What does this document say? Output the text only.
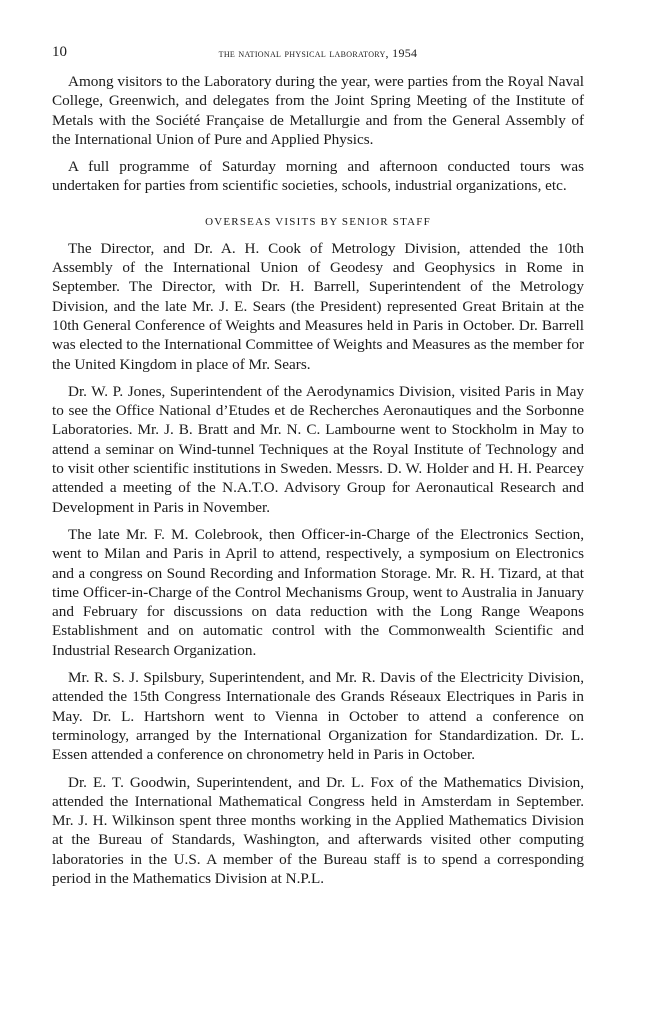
10	the national physical laboratory, 1954

Among visitors to the Laboratory during the year, were parties from the Royal Naval College, Greenwich, and delegates from the Joint Spring Meeting of the Institute of Metals with the Société Française de Metallurgie and from the General Assembly of the International Union of Pure and Applied Physics.

A full programme of Saturday morning and afternoon conducted tours was undertaken for parties from scientific societies, schools, industrial organizations, etc.

OVERSEAS VISITS BY SENIOR STAFF

The Director, and Dr. A. H. Cook of Metrology Division, attended the 10th Assembly of the International Union of Geodesy and Geophysics in Rome in September. The Director, with Dr. H. Barrell, Superintendent of the Metrology Division, and the late Mr. J. E. Sears (the President) represented Great Britain at the 10th General Conference of Weights and Measures held in Paris in October. Dr. Barrell was elected to the International Committee of Weights and Measures as the member for the United Kingdom in place of Mr. Sears.

Dr. W. P. Jones, Superintendent of the Aerodynamics Division, visited Paris in May to see the Office National d’Etudes et de Recherches Aeronautiques and the Sorbonne Laboratories. Mr. J. B. Bratt and Mr. N. C. Lambourne went to Stockholm in May to attend a seminar on Wind-tunnel Techniques at the Royal Institute of Technology and to visit other scientific institutions in Sweden. Messrs. D. W. Holder and H. H. Pearcey attended a meeting of the N.A.T.O. Advisory Group for Aeronautical Research and Development in Paris in November.

The late Mr. F. M. Colebrook, then Officer-in-Charge of the Electronics Section, went to Milan and Paris in April to attend, respectively, a symposium on Electronics and a congress on Sound Recording and Information Storage. Mr. R. H. Tizard, at that time Officer-in-Charge of the Control Mechanisms Group, went to Australia in January and February for discussions on data reduction with the Long Range Weapons Establishment and on automatic control with the Commonwealth Scientific and Industrial Research Organization.

Mr. R. S. J. Spilsbury, Superintendent, and Mr. R. Davis of the Electricity Division, attended the 15th Congress Internationale des Grands Réseaux Electriques in Paris in May. Dr. L. Hartshorn went to Vienna in October to attend a conference on terminology, arranged by the International Organization for Standardization. Dr. L. Essen attended a conference on chronometry held in Paris in October.

Dr. E. T. Goodwin, Superintendent, and Dr. L. Fox of the Mathematics Division, attended the International Mathematical Congress held in Amsterdam in September. Mr. J. H. Wilkinson spent three months working in the Applied Mathematics Division at the Bureau of Standards, Washington, and afterwards visited other computing laboratories in the U.S. A member of the Bureau staff is to spend a corresponding period in the Mathematics Division at N.P.L.
